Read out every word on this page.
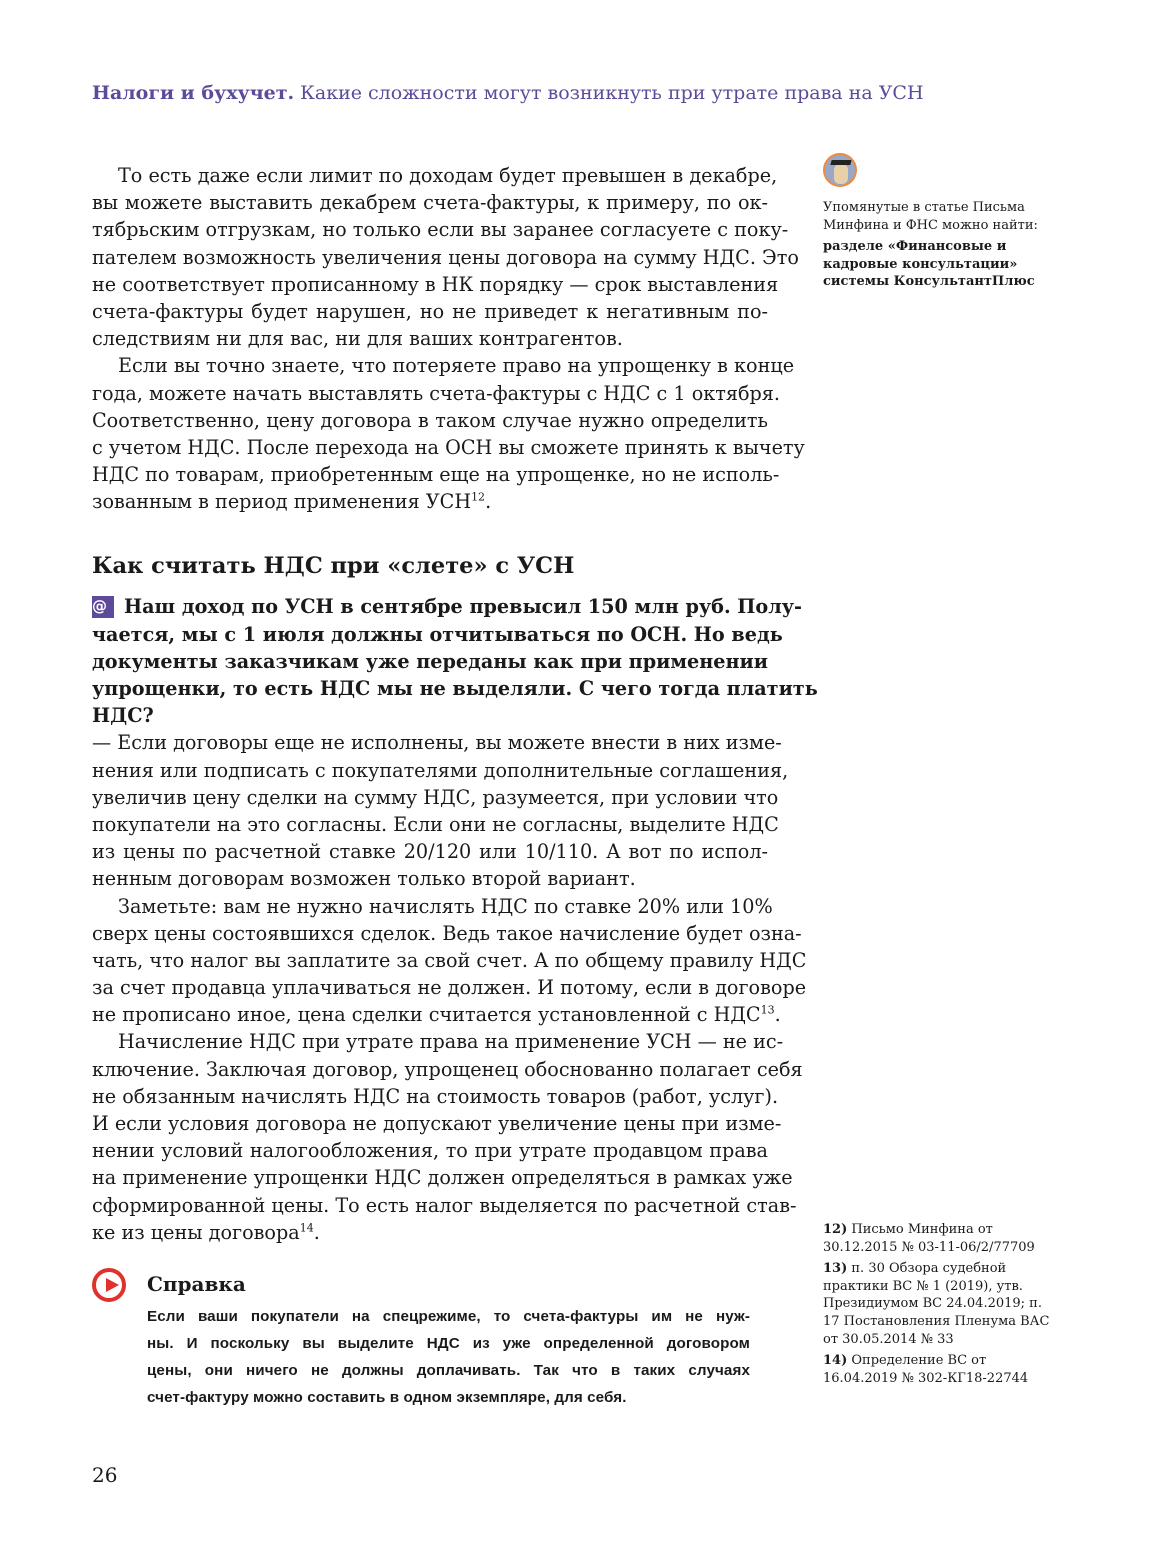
Налоги и бухучет. Какие сложности могут возникнуть при утрате права на УСН
То есть даже если лимит по доходам будет превышен в декабре,
вы можете выставить декабрем счета-фактуры, к примеру, по ок-
тябрьским отгрузкам, но только если вы заранее согласуете с поку-
пателем возможность увеличения цены договора на сумму НДС. Это
не соответствует прописанному в НК порядку — срок выставления
счета-фактуры будет нарушен, но не приведет к негативным по-
следствиям ни для вас, ни для ваших контрагентов.
Если вы точно знаете, что потеряете право на упрощенку в конце
года, можете начать выставлять счета-фактуры с НДС с 1 октября.
Соответственно, цену договора в таком случае нужно определить
с учетом НДС. После перехода на ОСН вы сможете принять к вычету
НДС по товарам, приобретенным еще на упрощенке, но не исполь-
зованным в период применения УСН$^{12}$.
Как считать НДС при «слете» с УСН
@ Наш доход по УСН в сентябре превысил 150 млн руб. Полу-
чается, мы с 1 июля должны отчитываться по ОСН. Но ведь
документы заказчикам уже переданы как при применении
упрощенки, то есть НДС мы не выделяли. С чего тогда платить
НДС?
— Если договоры еще не исполнены, вы можете внести в них изме-
нения или подписать с покупателями дополнительные соглашения,
увеличив цену сделки на сумму НДС, разумеется, при условии что
покупатели на это согласны. Если они не согласны, выделите НДС
из цены по расчетной ставке 20/120 или 10/110. А вот по испол-
ненным договорам возможен только второй вариант.
Заметьте: вам не нужно начислять НДС по ставке 20% или 10%
сверх цены состоявшихся сделок. Ведь такое начисление будет озна-
чать, что налог вы заплатите за свой счет. А по общему правилу НДС
за счет продавца уплачиваться не должен. И потому, если в договоре
не прописано иное, цена сделки считается установленной с НДС$^{13}$.
Начисление НДС при утрате права на применение УСН — не ис-
ключение. Заключая договор, упрощенец обоснованно полагает себя
не обязанным начислять НДС на стоимость товаров (работ, услуг).
И если условия договора не допускают увеличение цены при изме-
нении условий налогообложения, то при утрате продавцом права
на применение упрощенки НДС должен определяться в рамках уже
сформированной цены. То есть налог выделяется по расчетной став-
ке из цены договора$^{14}$.
Справка
Если ваши покупатели на спецрежиме, то счета-фактуры им не нуж-
ны. И поскольку вы выделите НДС из уже определенной договором
цены, они ничего не должны доплачивать. Так что в таких случаях
счет-фактуру можно составить в одном экземпляре, для себя.

Упомянутые в статье Письма Минфина и ФНС можно найти:

разделе «Финансовые и кадровые консультации» системы КонсультантПлюс

12) Письмо Минфина от 30.12.2015 № 03-11-06/2/77709
13) п. 30 Обзора судебной практики ВС № 1 (2019), утв. Президиумом ВС 24.04.2019; п. 17 Постановления Пленума ВАС от 30.05.2014 № 33
14) Определение ВС от 16.04.2019 № 302-КГ18-22744
26
